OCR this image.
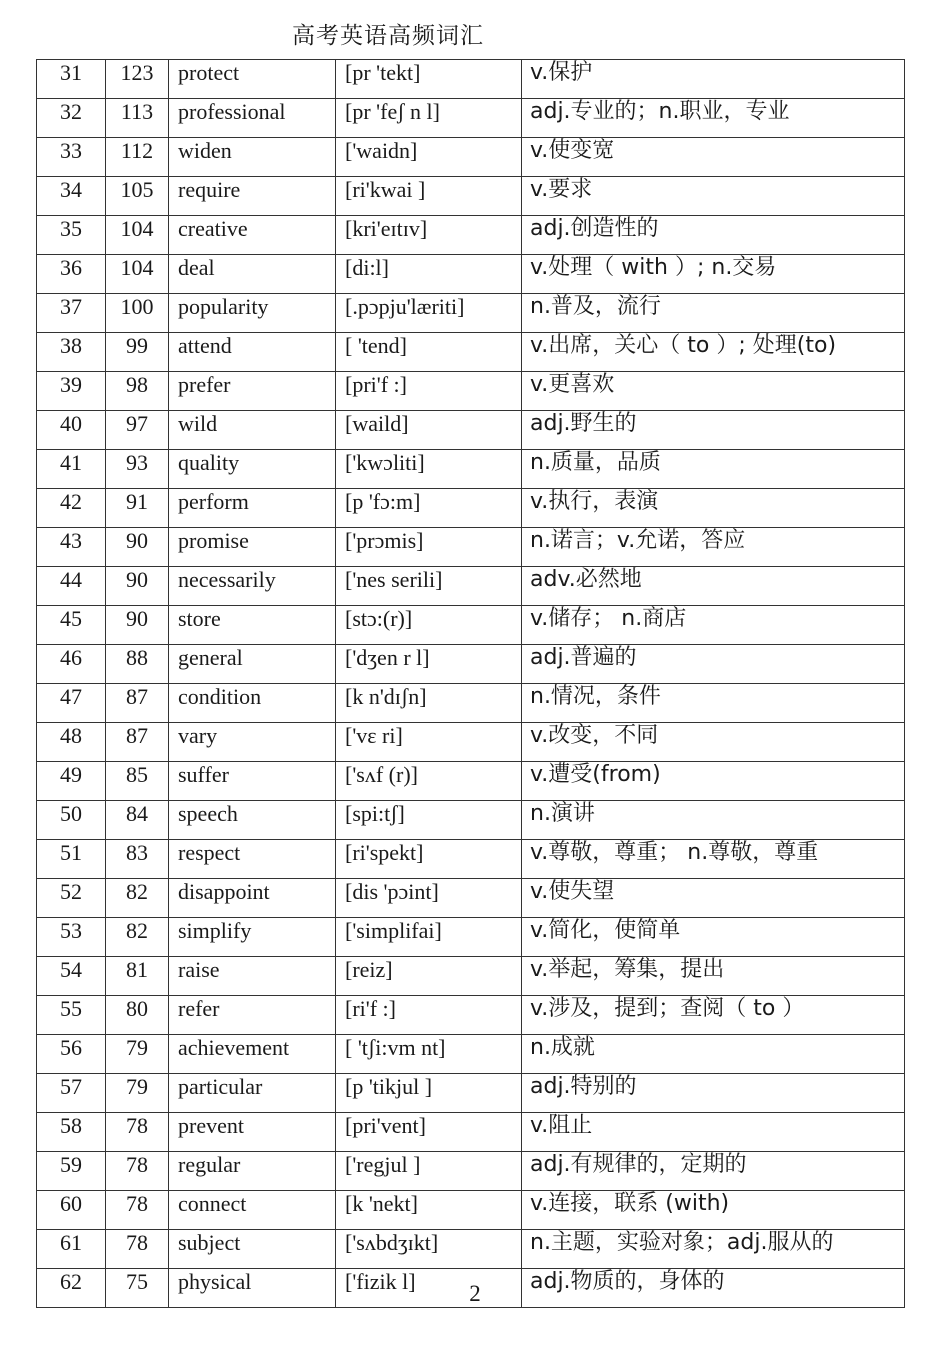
高考英语高频词汇
31	123	protect	[pr 'tekt]	v.保护
32	113	professional	[pr 'feʃ n l]	adj.专业的；n.职业，专业
33	112	widen	['waidn]	v.使变宽
34	105	require	[ri'kwai ]	v.要求
35	104	creative	[kri'eɪtɪv]	adj.创造性的
36	104	deal	[di:l]	v.处理（ with ）; n.交易
37	100	popularity	[.pɔpju'læriti]	n.普及，流行
38	99	attend	[ 'tend]	v.出席，关心（ to ）; 处理(to)
39	98	prefer	[pri'f :]	v.更喜欢
40	97	wild	[waild]	adj.野生的
41	93	quality	['kwɔliti]	n.质量，品质
42	91	perform	[p 'fɔ:m]	v.执行，表演
43	90	promise	['prɔmis]	n.诺言；v.允诺，答应
44	90	necessarily	['nes serili]	adv.必然地
45	90	store	[stɔ:(r)]	v.储存； n.商店
46	88	general	['dʒen r l]	adj.普遍的
47	87	condition	[k n'dɪʃn]	n.情况，条件
48	87	vary	['vɛ ri]	v.改变，不同
49	85	suffer	['sʌf (r)]	v.遭受(from)
50	84	speech	[spi:tʃ]	n.演讲
51	83	respect	[ri'spekt]	v.尊敬，尊重； n.尊敬，尊重
52	82	disappoint	[dis 'pɔint]	v.使失望
53	82	simplify	['simplifai]	v.简化，使简单
54	81	raise	[reiz]	v.举起，筹集，提出
55	80	refer	[ri'f :]	v.涉及，提到；查阅（ to ）
56	79	achievement	[ 'tʃi:vm nt]	n.成就
57	79	particular	[p 'tikjul ]	adj.特别的
58	78	prevent	[pri'vent]	v.阻止
59	78	regular	['regjul ]	adj.有规律的，定期的
60	78	connect	[k 'nekt]	v.连接，联系 (with)
61	78	subject	['sʌbdʒɪkt]	n.主题，实验对象；adj.服从的
62	75	physical	['fizik l]	adj.物质的，身体的
2
